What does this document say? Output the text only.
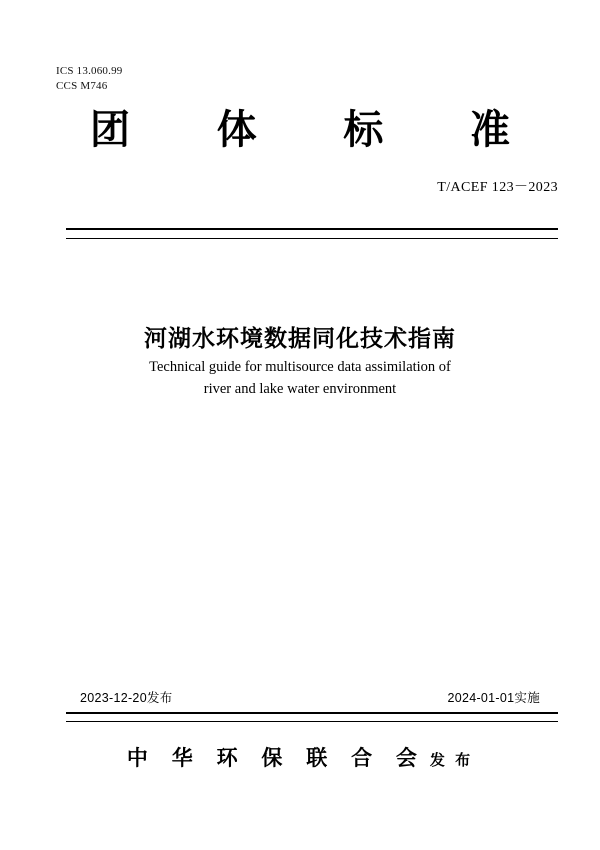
ICS 13.060.99
CCS M746
团 体 标 准
T/ACEF 123－2023
河湖水环境数据同化技术指南
Technical guide for multisource data assimilation of
river and lake water environment
2023-12-20发布	2024-01-01实施
中 华 环 保 联 合 会 发 布
